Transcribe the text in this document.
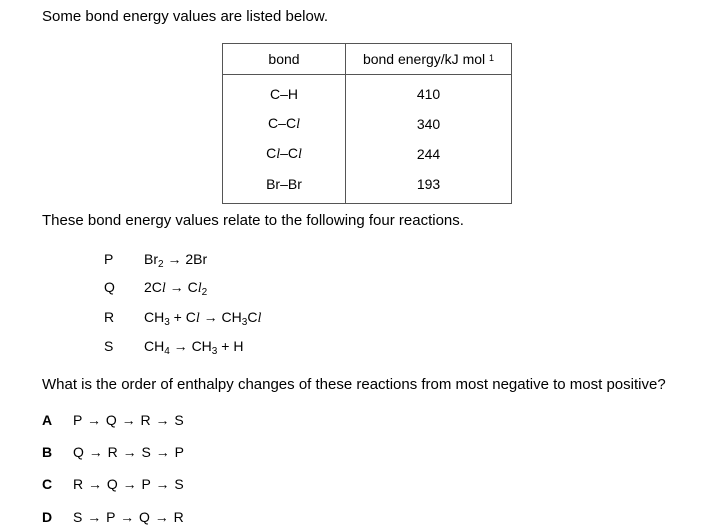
Some bond energy values are listed below.
bond	bond energy/kJ mol $^1$
C–H	410
C–Cl	340
Cl–Cl	244
Br–Br	193
These bond energy values relate to the following four reactions.
P $Br_2 \to 2Br$
Q $2Cl \to Cl_2$
R $CH_3 + Cl \to CH_3Cl$
S $CH_4 \to CH_3 + H$
What is the order of enthalpy changes of these reactions from most negative to most positive?
A P → Q → R → S
B Q → R → S → P
C R → Q → P → S
D S → P → Q → R
